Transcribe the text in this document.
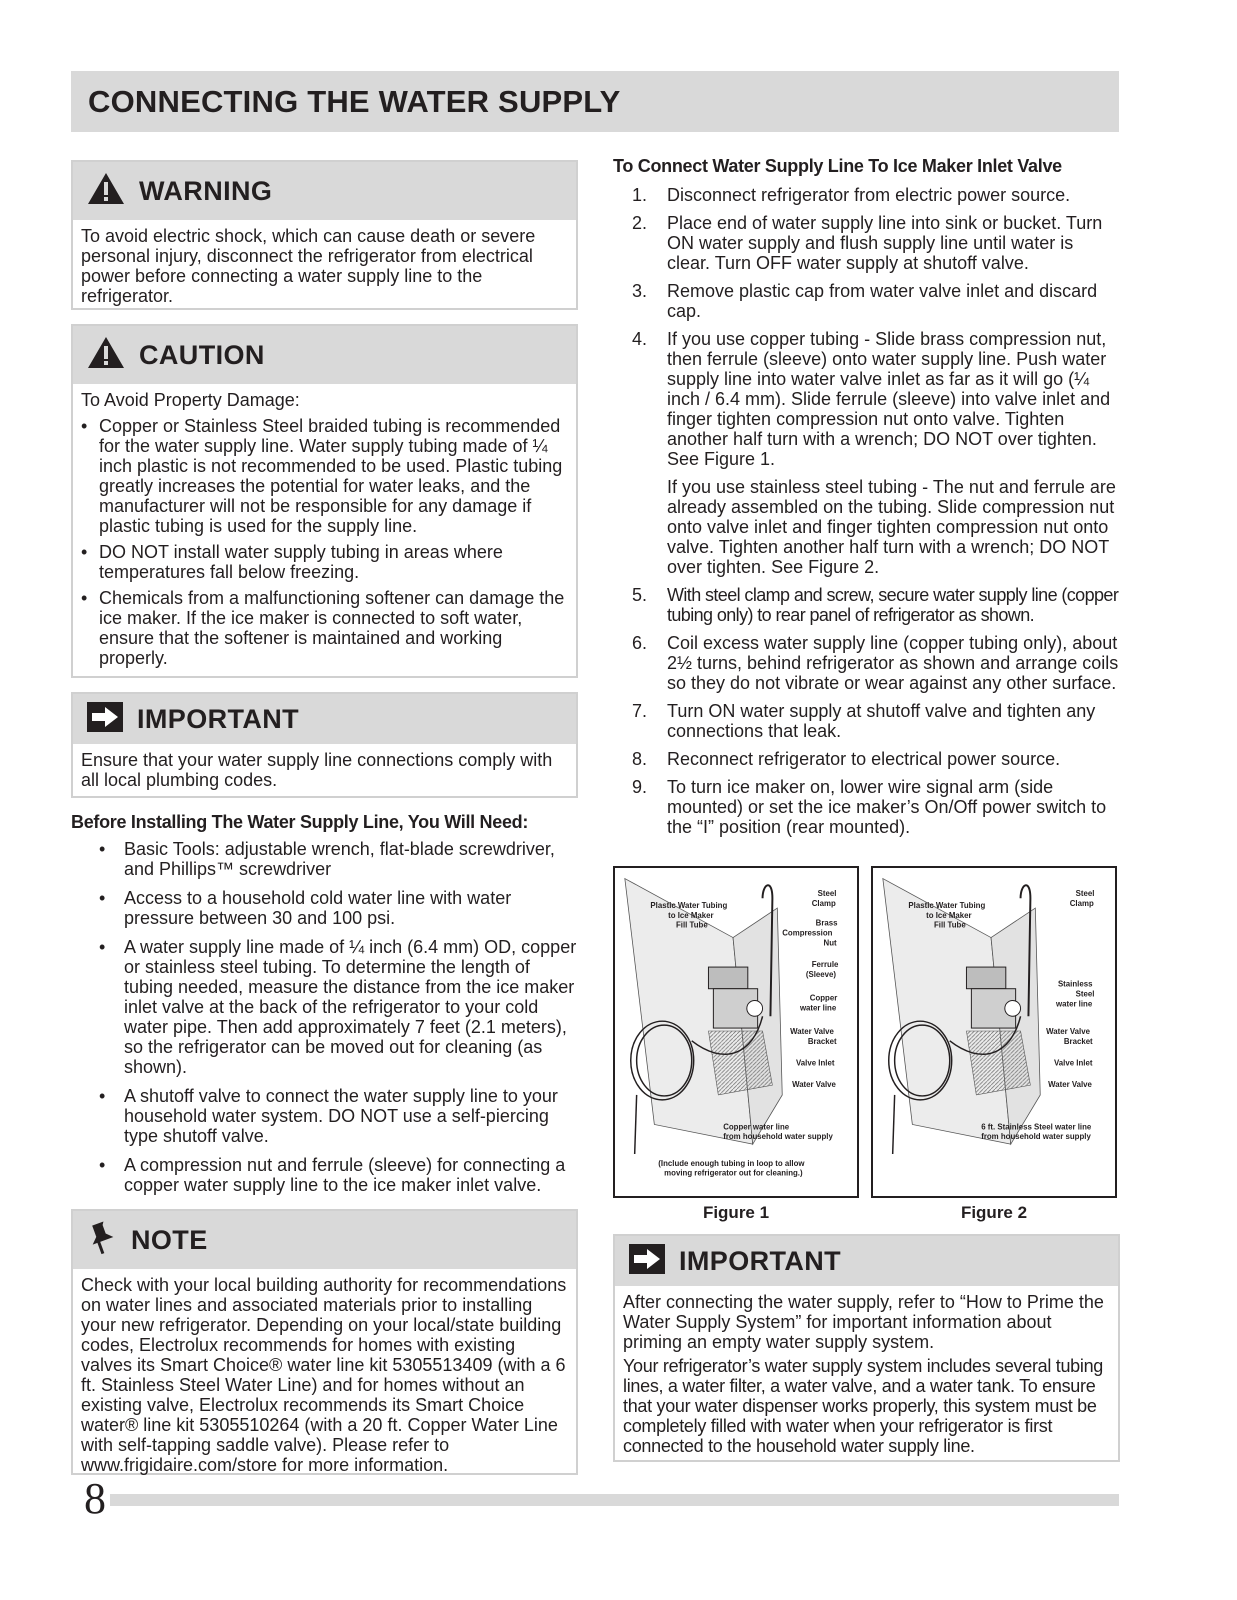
CONNECTING THE WATER SUPPLY
WARNING

To avoid electric shock, which can cause death or severe personal injury, disconnect the refrigerator from electrical power before connecting a water supply line to the refrigerator.

CAUTION

To Avoid Property Damage:

• Copper or Stainless Steel braided tubing is recommended for the water supply line. Water supply tubing made of ¼ inch plastic is not recommended to be used. Plastic tubing greatly increases the potential for water leaks, and the manufacturer will not be responsible for any damage if plastic tubing is used for the supply line.
• DO NOT install water supply tubing in areas where temperatures fall below freezing.
• Chemicals from a malfunctioning softener can damage the ice maker. If the ice maker is connected to soft water, ensure that the softener is maintained and working properly.
IMPORTANT

Ensure that your water supply line connections comply with all local plumbing codes.

Before Installing The Water Supply Line, You Will Need:
• Basic Tools: adjustable wrench, flat-blade screwdriver, and Phillips™ screwdriver
• Access to a household cold water line with water pressure between 30 and 100 psi.
• A water supply line made of ¼ inch (6.4 mm) OD, copper or stainless steel tubing. To determine the length of tubing needed, measure the distance from the ice maker inlet valve at the back of the refrigerator to your cold water pipe. Then add approximately 7 feet (2.1 meters), so the refrigerator can be moved out for cleaning (as shown).
• A shutoff valve to connect the water supply line to your household water system. DO NOT use a self-piercing type shutoff valve.
• A compression nut and ferrule (sleeve) for connecting a copper water supply line to the ice maker inlet valve.
NOTE

Check with your local building authority for recommendations on water lines and associated materials prior to installing your new refrigerator. Depending on your local/state building codes, Electrolux recommends for homes with existing valves its Smart Choice® water line kit 5305513409 (with a 6 ft. Stainless Steel Water Line) and for homes without an existing valve, Electrolux recommends its Smart Choice water® line kit 5305510264 (with a 20 ft. Copper Water Line with self-tapping saddle valve). Please refer to www.frigidaire.com/store for more information.

To Connect Water Supply Line To Ice Maker Inlet Valve
1.	Disconnect refrigerator from electric power source.

2.	Place end of water supply line into sink or bucket. Turn ON water supply and flush supply line until water is clear. Turn OFF water supply at shutoff valve.

3.	Remove plastic cap from water valve inlet and discard cap.

4.	If you use copper tubing - Slide brass compression nut, then ferrule (sleeve) onto water supply line. Push water supply line into water valve inlet as far as it will go (¼ inch / 6.4 mm). Slide ferrule (sleeve) into valve inlet and finger tighten compression nut onto valve. Tighten another half turn with a wrench; DO NOT over tighten. See Figure 1.

If you use stainless steel tubing - The nut and ferrule are already assembled on the tubing. Slide compression nut onto valve inlet and finger tighten compression nut onto valve. Tighten another half turn with a wrench; DO NOT over tighten. See Figure 2.

5.	With steel clamp and screw, secure water supply line (copper tubing only) to rear panel of refrigerator as shown.

6.	Coil excess water supply line (copper tubing only), about 2½ turns, behind refrigerator as shown and arrange coils so they do not vibrate or wear against any other surface.

7.	Turn ON water supply at shutoff valve and tighten any connections that leak.

8.	Reconnect refrigerator to electrical power source.

9.	To turn ice maker on, lower wire signal arm (side mounted) or set the ice maker’s On/Off power switch to the “I” position (rear mounted).

Plastic Water Tubing
to Ice Maker
Fill Tube
Steel
Clamp
Brass
Compression
Nut
Ferrule
(Sleeve)
Copper
water line
Water Valve
Bracket
Valve Inlet
Water Valve
Copper water line
from household water supply
(Include enough tubing in loop to allow
moving refrigerator out for cleaning.)
Figure 1
Plastic Water Tubing
to Ice Maker
Fill Tube
Steel
Clamp
Stainless
Steel
water line
Water Valve
Bracket
Valve Inlet
Water Valve
6 ft. Stainless Steel water line
from household water supply
Figure 2
IMPORTANT

After connecting the water supply, refer to “How to Prime the Water Supply System” for important information about priming an empty water supply system.

Your refrigerator’s water supply system includes several tubing lines, a water filter, a water valve, and a water tank. To ensure that your water dispenser works properly, this system must be completely filled with water when your refrigerator is first connected to the household water supply line.

8
